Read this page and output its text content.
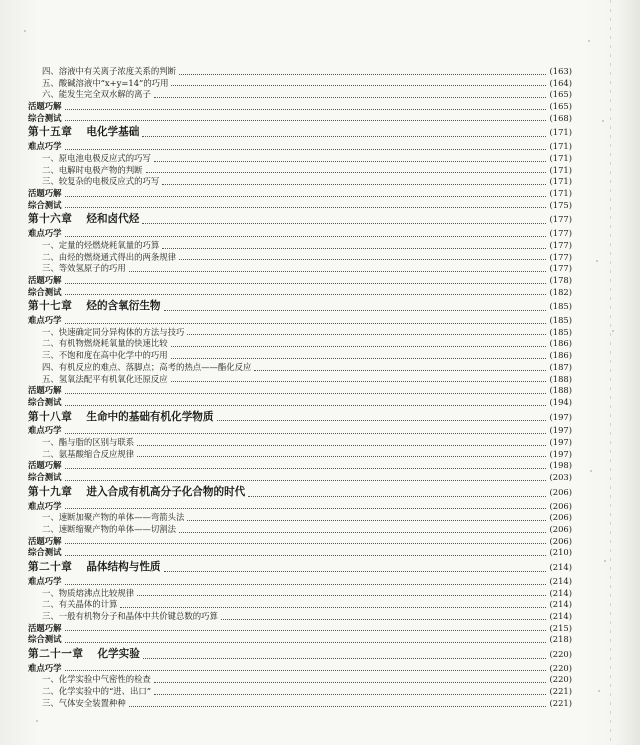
四、溶液中有关离子浓度关系的判断	(163)
五、酸碱溶液中“x+y=14”的巧用	(164)
六、能发生完全双水解的离子	(165)
活题巧解	(165)
综合测试	(168)
第十五章 电化学基础	(171)
难点巧学	(171)
一、原电池电极反应式的巧写	(171)
二、电解时电极产物的判断	(171)
三、较复杂的电极反应式的巧写	(171)
活题巧解	(171)
综合测试	(175)
第十六章 烃和卤代烃	(177)
难点巧学	(177)
一、定量的烃燃烧耗氧量的巧算	(177)
二、由烃的燃烧通式得出的两条规律	(177)
三、等效氢原子的巧用	(177)
活题巧解	(178)
综合测试	(182)
第十七章 烃的含氧衍生物	(185)
难点巧学	(185)
一、快速确定同分异构体的方法与技巧	(185)
二、有机物燃烧耗氧量的快速比较	(186)
三、不饱和度在高中化学中的巧用	(186)
四、有机反应的难点、落脚点；高考的热点——酯化反应	(187)
五、氢氧法配平有机氧化还原反应	(188)
活题巧解	(188)
综合测试	(194)
第十八章 生命中的基础有机化学物质	(197)
难点巧学	(197)
一、酯与脂的区别与联系	(197)
二、氨基酸缩合反应规律	(197)
活题巧解	(198)
综合测试	(203)
第十九章 进入合成有机高分子化合物的时代	(206)
难点巧学	(206)
一、速断加聚产物的单体——弯箭头法	(206)
二、速断缩聚产物的单体——切割法	(206)
活题巧解	(206)
综合测试	(210)
第二十章 晶体结构与性质	(214)
难点巧学	(214)
一、物质熔沸点比较规律	(214)
二、有关晶体的计算	(214)
三、一般有机物分子和晶体中共价键总数的巧算	(214)
活题巧解	(215)
综合测试	(218)
第二十一章 化学实验	(220)
难点巧学	(220)
一、化学实验中气密性的检查	(220)
二、化学实验中的“进、出口”	(221)
三、气体安全装置种种	(221)
